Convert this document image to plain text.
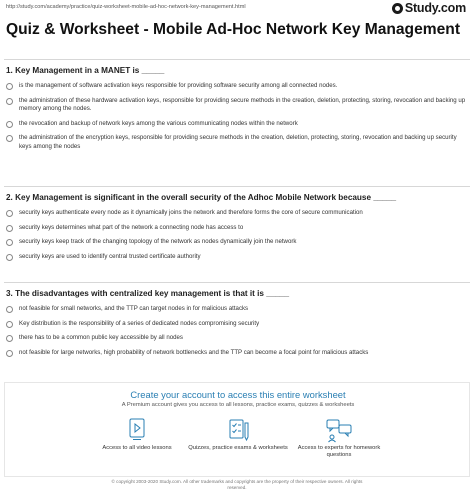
http://study.com/academy/practice/quiz-worksheet-mobile-ad-hoc-network-key-management.html	Study.com
Quiz & Worksheet - Mobile Ad-Hoc Network Key Management
1. Key Management in a MANET is _____
is the management of software activation keys responsible for providing software security among all connected nodes.
the administration of these hardware activation keys, responsible for providing secure methods in the creation, deletion, protecting, storing, revocation and backing up memory among the nodes.
the revocation and backup of network keys among the various communicating nodes within the network
the administration of the encryption keys, responsible for providing secure methods in the creation, deletion, protecting, storing, revocation and backing up security keys among the nodes
2. Key Management is significant in the overall security of the Adhoc Mobile Network because _____
security keys authenticate every node as it dynamically joins the network and therefore forms the core of secure communication
security keys determines what part of the network a connecting node has access to
security keys keep track of the changing topology of the network as nodes dynamically join the network
security keys are used to identify central trusted certificate authority
3. The disadvantages with centralized key management is that it is _____
not feasible for small networks, and the TTP can target nodes in for malicious attacks
Key distribution is the responsibility of a series of dedicated nodes compromising security
there has to be a common public key accessible by all nodes
not feasible for large networks, high probability of network bottlenecks and the TTP can become a focal point for malicious attacks
Create your account to access this entire worksheet
A Premium account gives you access to all lessons, practice exams, quizzes & worksheets
Access to all video lessons	Quizzes, practice exams & worksheets	Access to experts for homework questions
© copyright 2003-2020 Study.com. All other trademarks and copyrights are the property of their respective owners. All rights
reserved.
